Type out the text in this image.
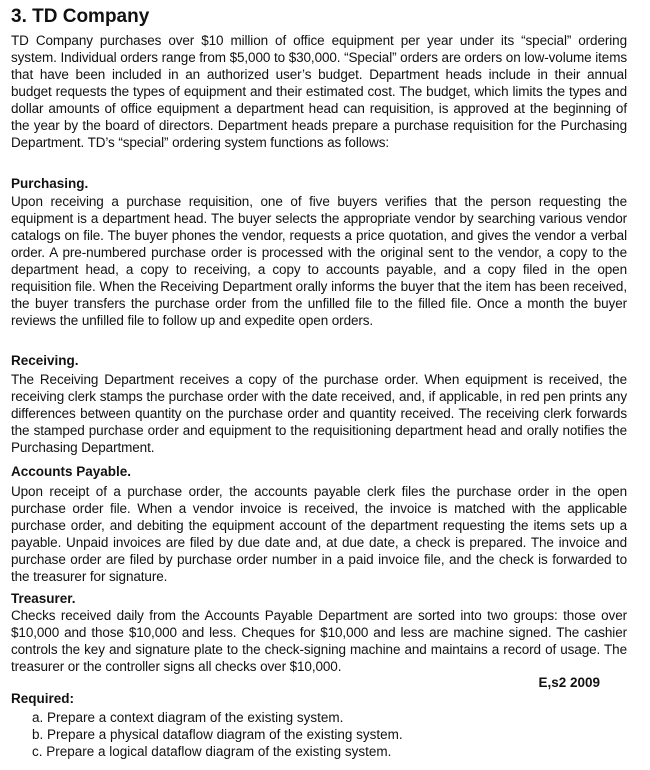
3. TD Company

TD Company purchases over $10 million of office equipment per year under its “special” ordering system. Individual orders range from $5,000 to $30,000. “Special” orders are orders on low-volume items that have been included in an authorized user’s budget. Department heads include in their annual budget requests the types of equipment and their estimated cost. The budget, which limits the types and dollar amounts of office equipment a department head can requisition, is approved at the beginning of the year by the board of directors. Department heads prepare a purchase requisition for the Purchasing Department. TD’s “special” ordering system functions as follows:

Purchasing.

Upon receiving a purchase requisition, one of five buyers verifies that the person requesting the equipment is a department head. The buyer selects the appropriate vendor by searching various vendor catalogs on file. The buyer phones the vendor, requests a price quotation, and gives the vendor a verbal order. A pre-numbered purchase order is processed with the original sent to the vendor, a copy to the department head, a copy to receiving, a copy to accounts payable, and a copy filed in the open requisition file. When the Receiving Department orally informs the buyer that the item has been received, the buyer transfers the purchase order from the unfilled file to the filled file. Once a month the buyer reviews the unfilled file to follow up and expedite open orders.

Receiving.

The Receiving Department receives a copy of the purchase order. When equipment is received, the receiving clerk stamps the purchase order with the date received, and, if applicable, in red pen prints any differences between quantity on the purchase order and quantity received. The receiving clerk forwards the stamped purchase order and equipment to the requisitioning department head and orally notifies the Purchasing Department.

Accounts Payable.

Upon receipt of a purchase order, the accounts payable clerk files the purchase order in the open purchase order file. When a vendor invoice is received, the invoice is matched with the applicable purchase order, and debiting the equipment account of the department requesting the items sets up a payable. Unpaid invoices are filed by due date and, at due date, a check is prepared. The invoice and purchase order are filed by purchase order number in a paid invoice file, and the check is forwarded to the treasurer for signature.

Treasurer.

Checks received daily from the Accounts Payable Department are sorted into two groups: those over $10,000 and those $10,000 and less. Cheques for $10,000 and less are machine signed. The cashier controls the key and signature plate to the check-signing machine and maintains a record of usage. The treasurer or the controller signs all checks over $10,000.

E,s2 2009
Required:
a. Prepare a context diagram of the existing system.
b. Prepare a physical dataflow diagram of the existing system.
c. Prepare a logical dataflow diagram of the existing system.
